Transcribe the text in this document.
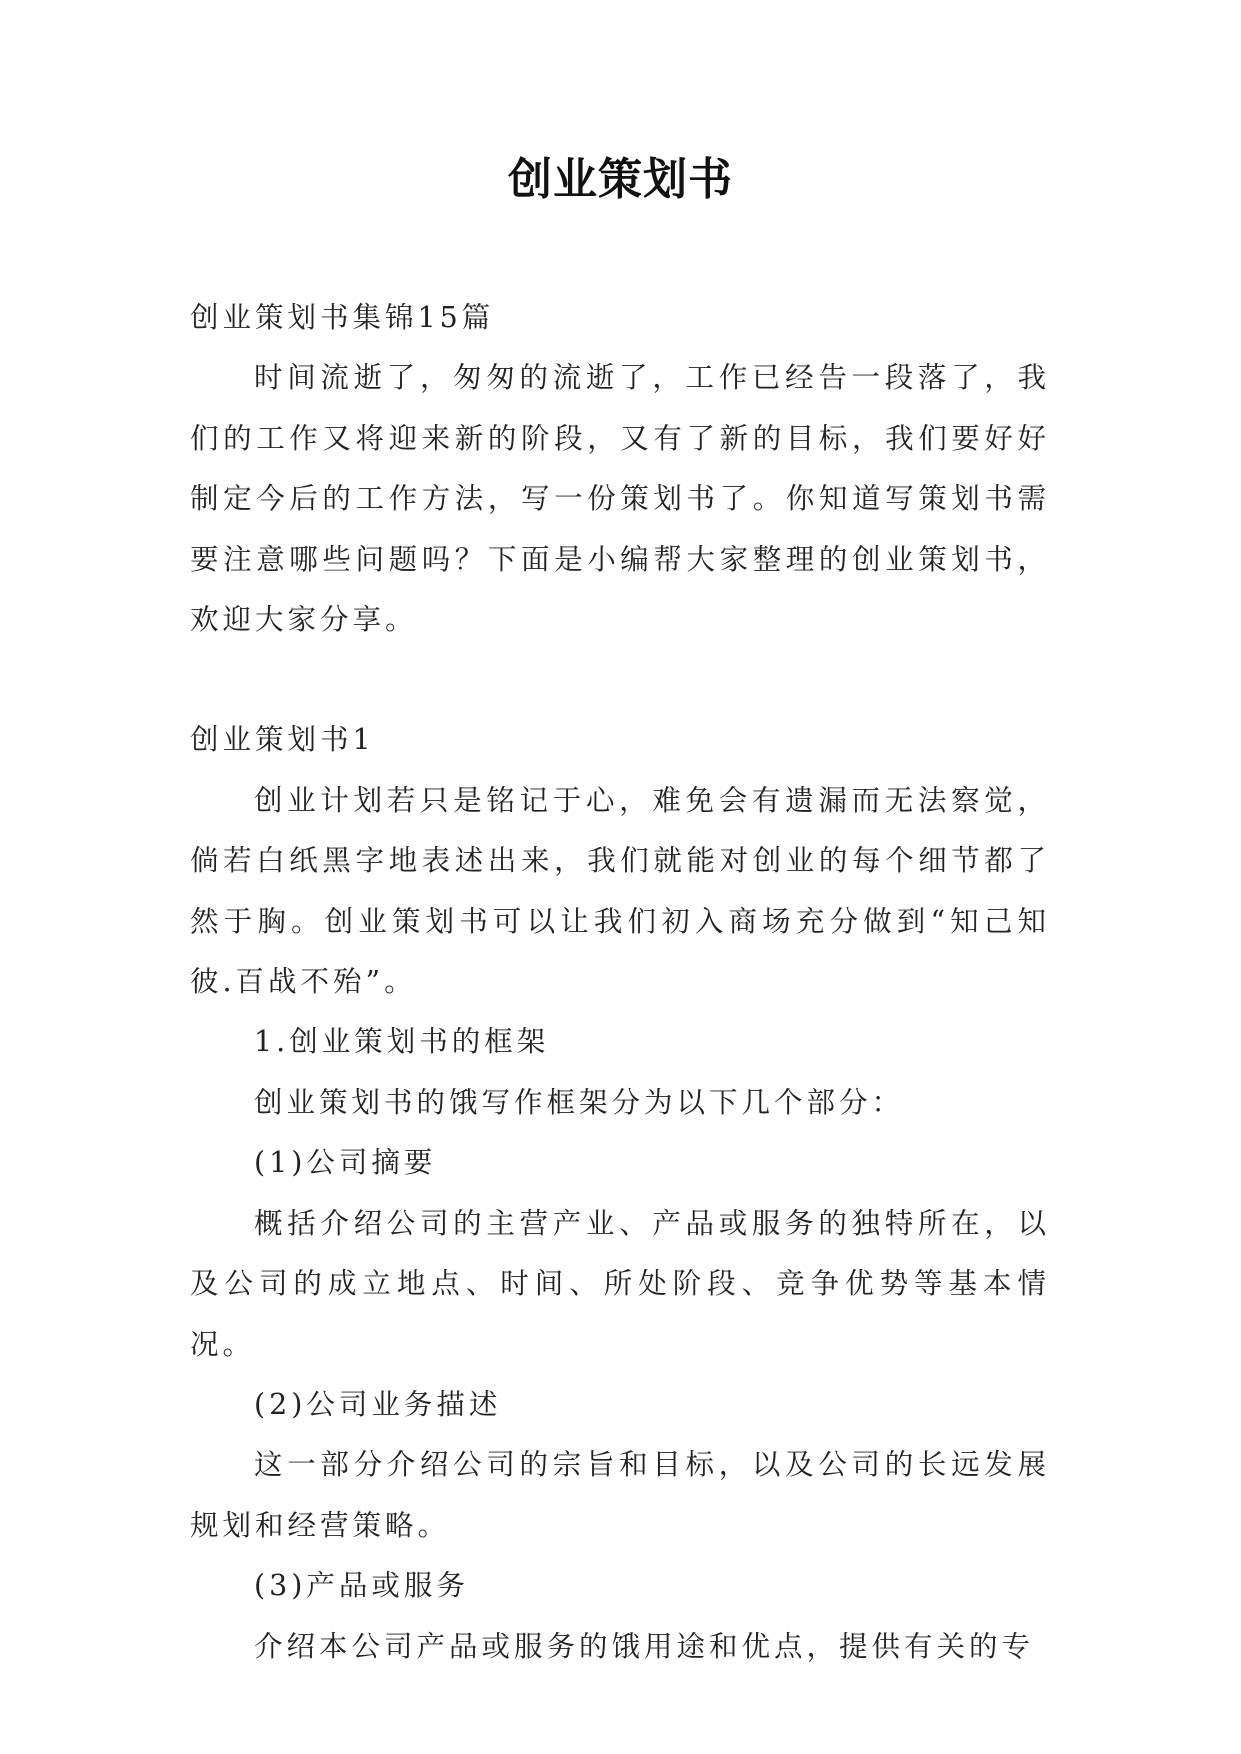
创业策划书

创业策划书集锦15篇

时间流逝了，匆匆的流逝了，工作已经告一段落了，我们的工作又将迎来新的阶段，又有了新的目标，我们要好好制定今后的工作方法，写一份策划书了。你知道写策划书需要注意哪些问题吗？下面是小编帮大家整理的创业策划书，欢迎大家分享。

创业策划书1

创业计划若只是铭记于心，难免会有遗漏而无法察觉，倘若白纸黑字地表述出来，我们就能对创业的每个细节都了然于胸。创业策划书可以让我们初入商场充分做到“知己知彼.百战不殆”。

1.创业策划书的框架

创业策划书的饿写作框架分为以下几个部分：

(1)公司摘要

概括介绍公司的主营产业、产品或服务的独特所在，以及公司的成立地点、时间、所处阶段、竞争优势等基本情况。

(2)公司业务描述

这一部分介绍公司的宗旨和目标，以及公司的长远发展规划和经营策略。

(3)产品或服务

介绍本公司产品或服务的饿用途和优点，提供有关的专
